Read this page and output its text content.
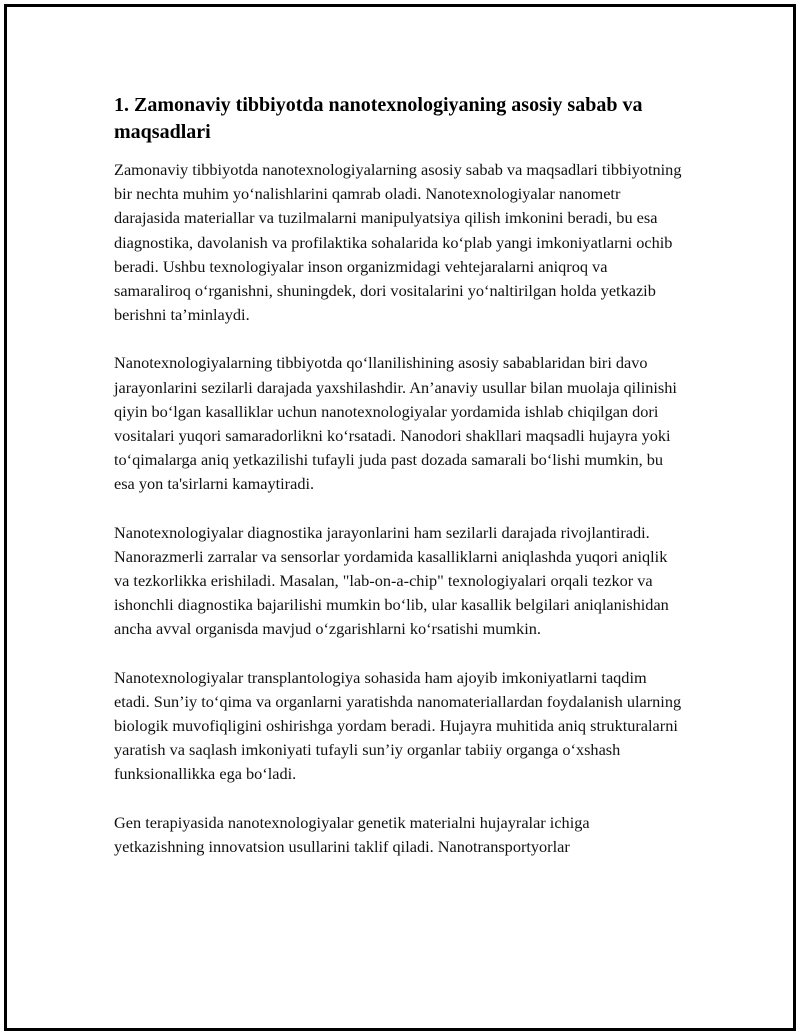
1. Zamonaviy tibbiyotda nanotexnologiyaning asosiy sabab va maqsadlari

Zamonaviy tibbiyotda nanotexnologiyalarning asosiy sabab va maqsadlari tibbiyotning bir nechta muhim yo‘nalishlarini qamrab oladi. Nanotexnologiyalar nanometr darajasida materiallar va tuzilmalarni manipulyatsiya qilish imkonini beradi, bu esa diagnostika, davolanish va profilaktika sohalarida ko‘plab yangi imkoniyatlarni ochib beradi. Ushbu texnologiyalar inson organizmidagi vehtejaralarni aniqroq va samaraliroq o‘rganishni, shuningdek, dori vositalarini yo‘naltirilgan holda yetkazib berishni ta’minlaydi.

Nanotexnologiyalarning tibbiyotda qo‘llanilishining asosiy sabablaridan biri davo jarayonlarini sezilarli darajada yaxshilashdir. An’anaviy usullar bilan muolaja qilinishi qiyin bo‘lgan kasalliklar uchun nanotexnologiyalar yordamida ishlab chiqilgan dori vositalari yuqori samaradorlikni ko‘rsatadi. Nanodori shakllari maqsadli hujayra yoki to‘qimalarga aniq yetkazilishi tufayli juda past dozada samarali bo‘lishi mumkin, bu esa yon ta'sirlarni kamaytiradi.

Nanotexnologiyalar diagnostika jarayonlarini ham sezilarli darajada rivojlantiradi. Nanorazmerli zarralar va sensorlar yordamida kasalliklarni aniqlashda yuqori aniqlik va tezkorlikka erishiladi. Masalan, "lab-on-a-chip" texnologiyalari orqali tezkor va ishonchli diagnostika bajarilishi mumkin bo‘lib, ular kasallik belgilari aniqlanishidan ancha avval organisda mavjud o‘zgarishlarni ko‘rsatishi mumkin.

Nanotexnologiyalar transplantologiya sohasida ham ajoyib imkoniyatlarni taqdim etadi. Sun’iy to‘qima va organlarni yaratishda nanomateriallardan foydalanish ularning biologik muvofiqligini oshirishga yordam beradi. Hujayra muhitida aniq strukturalarni yaratish va saqlash imkoniyati tufayli sun’iy organlar tabiiy organga o‘xshash funksionallikka ega bo‘ladi.

Gen terapiyasida nanotexnologiyalar genetik materialni hujayralar ichiga yetkazishning innovatsion usullarini taklif qiladi. Nanotransportyorlar
